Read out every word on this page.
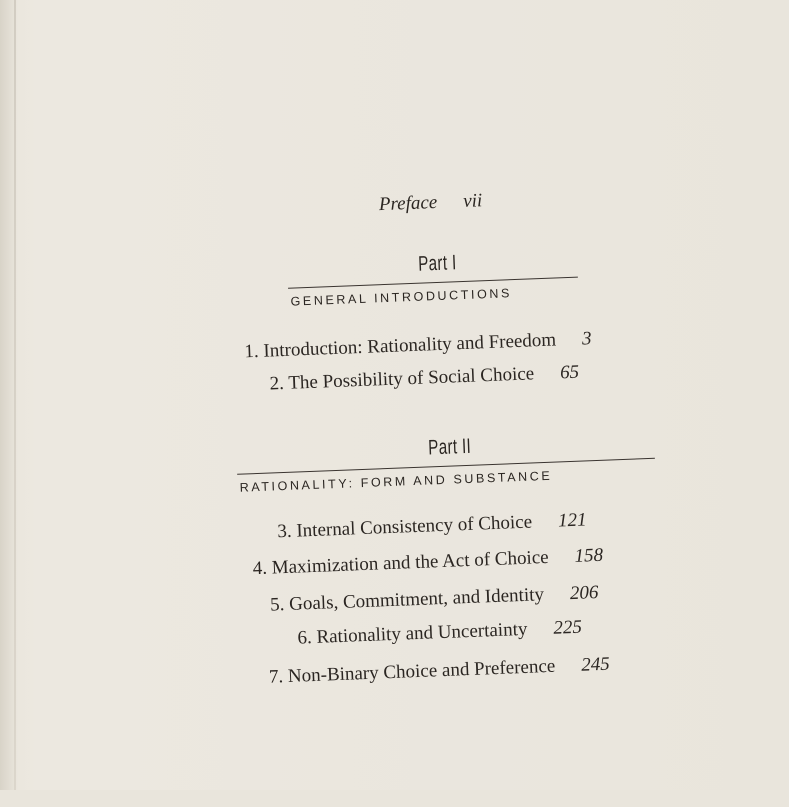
Preface vii
Part I
GENERAL INTRODUCTIONS
1. Introduction: Rationality and Freedom 3
2. The Possibility of Social Choice 65
Part II
RATIONALITY: FORM AND SUBSTANCE
3. Internal Consistency of Choice 121
4. Maximization and the Act of Choice 158
5. Goals, Commitment, and Identity 206
6. Rationality and Uncertainty 225
7. Non-Binary Choice and Preference 245
